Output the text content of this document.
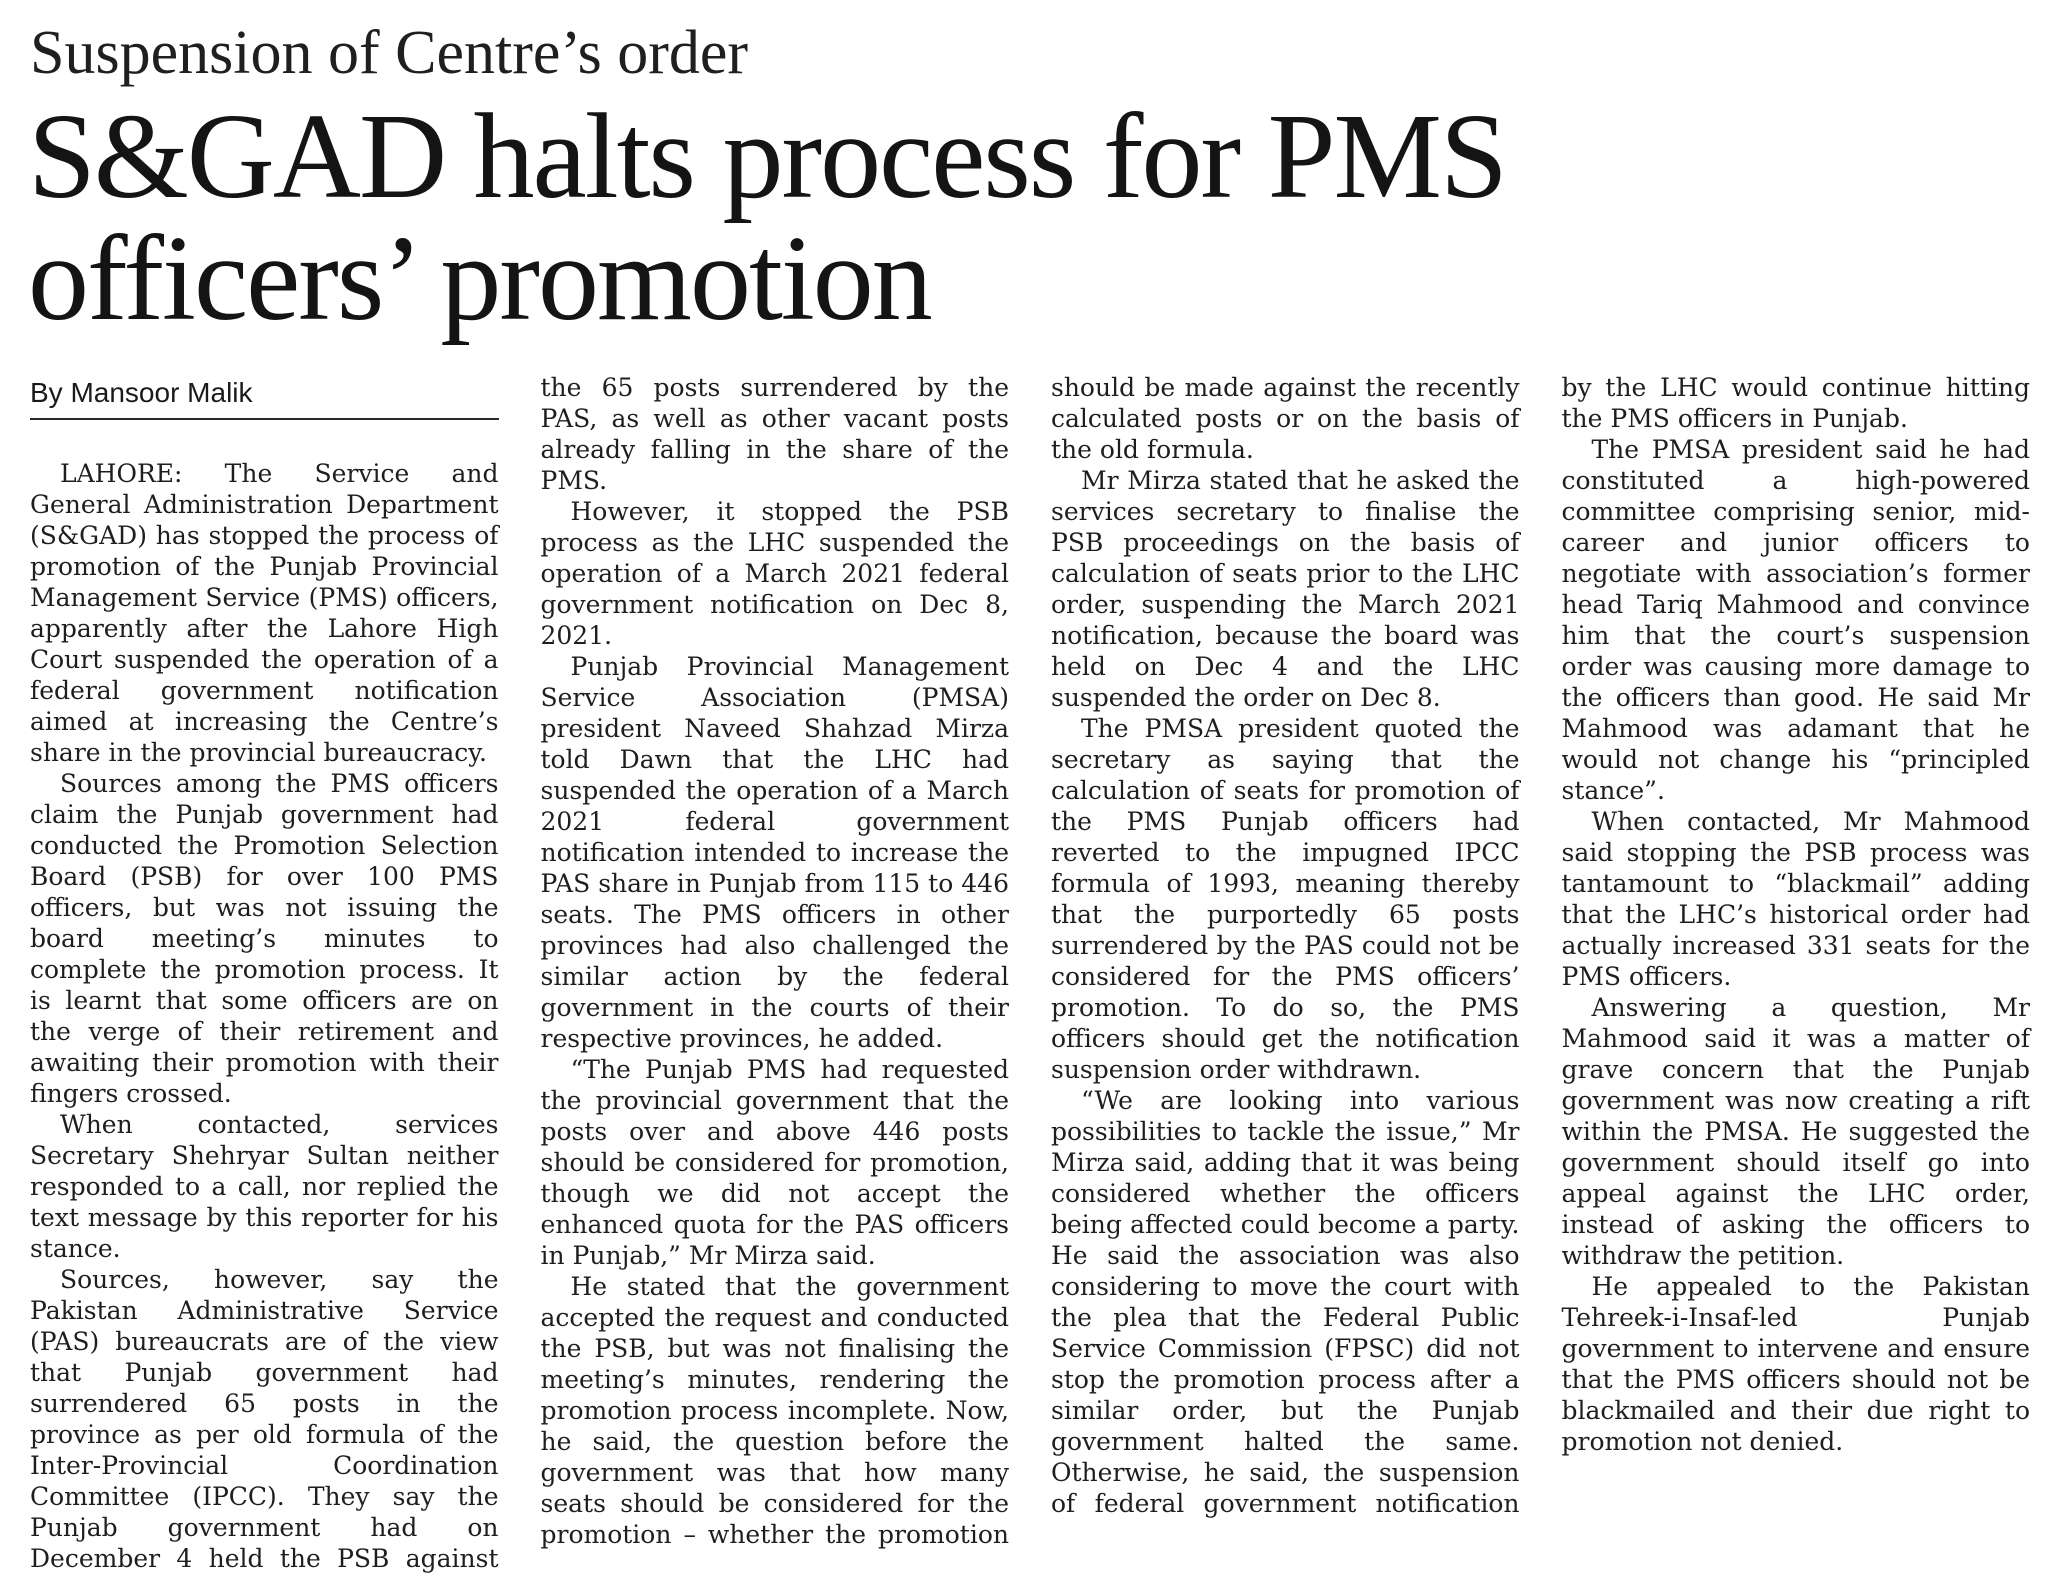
Suspension of Centre’s order
S&GAD halts process for PMS officers’ promotion
By Mansoor Malik

LAHORE: The Service and General Administration Department (S&GAD) has stopped the process of promotion of the Punjab Provincial Management Service (PMS) officers, apparently after the Lahore High Court suspended the operation of a federal government notification aimed at increasing the Centre’s share in the provincial bureaucracy.

Sources among the PMS officers claim the Punjab government had conducted the Promotion Selection Board (PSB) for over 100 PMS officers, but was not issuing the board meeting’s minutes to complete the promotion process. It is learnt that some officers are on the verge of their retirement and awaiting their promotion with their fingers crossed.

When contacted, services Secretary Shehryar Sultan neither responded to a call, nor replied the text message by this reporter for his stance.

Sources, however, say the Pakistan Administrative Service (PAS) bureaucrats are of the view that Punjab government had surrendered 65 posts in the province as per old formula of the Inter-Provincial Coordination Committee (IPCC). They say the Punjab government had on December 4 held the PSB against the 65 posts surrendered by the PAS, as well as other vacant posts already falling in the share of the PMS.

However, it stopped the PSB process as the LHC suspended the operation of a March 2021 federal government notification on Dec 8, 2021.

Punjab Provincial Management Service Association (PMSA) president Naveed Shahzad Mirza told Dawn that the LHC had suspended the operation of a March 2021 federal government notification intended to increase the PAS share in Punjab from 115 to 446 seats. The PMS officers in other provinces had also challenged the similar action by the federal government in the courts of their respective provinces, he added.

“The Punjab PMS had requested the provincial government that the posts over and above 446 posts should be considered for promotion, though we did not accept the enhanced quota for the PAS officers in Punjab,” Mr Mirza said.

He stated that the government accepted the request and conducted the PSB, but was not finalising the meeting’s minutes, rendering the promotion process incomplete. Now, he said, the question before the government was that how many seats should be considered for the promotion – whether the promotion should be made against the recently calculated posts or on the basis of the old formula.

Mr Mirza stated that he asked the services secretary to finalise the PSB proceedings on the basis of calculation of seats prior to the LHC order, suspending the March 2021 notification, because the board was held on Dec 4 and the LHC suspended the order on Dec 8.

The PMSA president quoted the secretary as saying that the calculation of seats for promotion of the PMS Punjab officers had reverted to the impugned IPCC formula of 1993, meaning thereby that the purportedly 65 posts surrendered by the PAS could not be considered for the PMS officers’ promotion. To do so, the PMS officers should get the notification suspension order withdrawn.

“We are looking into various possibilities to tackle the issue,” Mr Mirza said, adding that it was being considered whether the officers being affected could become a party. He said the association was also considering to move the court with the plea that the Federal Public Service Commission (FPSC) did not stop the promotion process after a similar order, but the Punjab government halted the same. Otherwise, he said, the suspension of federal government notification by the LHC would continue hitting the PMS officers in Punjab.

The PMSA president said he had constituted a high-powered committee comprising senior, mid-career and junior officers to negotiate with association’s former head Tariq Mahmood and convince him that the court’s suspension order was causing more damage to the officers than good. He said Mr Mahmood was adamant that he would not change his “principled stance”.

When contacted, Mr Mahmood said stopping the PSB process was tantamount to “blackmail” adding that the LHC’s historical order had actually increased 331 seats for the PMS officers.

Answering a question, Mr Mahmood said it was a matter of grave concern that the Punjab government was now creating a rift within the PMSA. He suggested the government should itself go into appeal against the LHC order, instead of asking the officers to withdraw the petition.

He appealed to the Pakistan Tehreek-i-Insaf-led Punjab government to intervene and ensure that the PMS officers should not be blackmailed and their due right to promotion not denied.
